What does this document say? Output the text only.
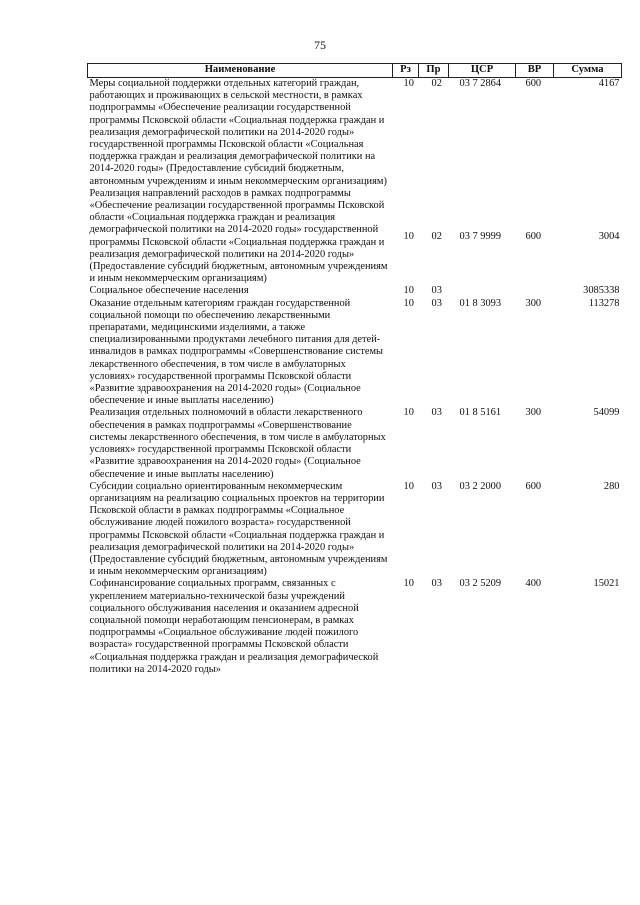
75
Наименование	Рз	Пр	ЦСР	ВР	Сумма
Меры социальной поддержки отдельных категорий граждан, работающих и проживающих в сельской местности, в рамках подпрограммы «Обеспечение реализации государственной программы Псковской области «Социальная поддержка граждан и реализация демографической политики на 2014-2020 годы» государственной программы Псковской области «Социальная поддержка граждан и реализация демографической политики на 2014-2020 годы» (Предоставление субсидий бюджетным, автономным учреждениям и иным некоммерческим организациям)	10	02	03 7 2864	600	4167
Реализация направлений расходов в рамках подпрограммы «Обеспечение реализации государственной программы Псковской области «Социальная поддержка граждан и реализация демографической политики на 2014-2020 годы» государственной программы Псковской области «Социальная поддержка граждан и реализация демографической политики на 2014-2020 годы» (Предоставление субсидий бюджетным, автономным учреждениям и иным некоммерческим организациям)	10	02	03 7 9999	600	3004
Социальное обеспечение населения	10	03			3085338
Оказание отдельным категориям граждан государственной социальной помощи по обеспечению лекарственными препаратами, медицинскими изделиями, а также специализированными продуктами лечебного питания для детей-инвалидов в рамках подпрограммы «Совершенствование системы лекарственного обеспечения, в том числе в амбулаторных условиях» государственной программы Псковской области «Развитие здравоохранения на 2014-2020 годы» (Социальное обеспечение и иные выплаты населению)	10	03	01 8 3093	300	113278
Реализация отдельных полномочий в области лекарственного обеспечения в рамках подпрограммы «Совершенствование системы лекарственного обеспечения, в том числе в амбулаторных условиях» государственной программы Псковской области «Развитие здравоохранения на 2014-2020 годы» (Социальное обеспечение и иные выплаты населению)	10	03	01 8 5161	300	54099
Субсидии социально ориентированным некоммерческим организациям на реализацию социальных проектов на территории Псковской области в рамках подпрограммы «Социальное обслуживание людей пожилого возраста» государственной программы Псковской области «Социальная поддержка граждан и реализация демографической политики на 2014-2020 годы» (Предоставление субсидий бюджетным, автономным учреждениям и иным некоммерческим организациям)	10	03	03 2 2000	600	280
Софинансирование социальных программ, связанных с укреплением материально-технической базы учреждений социального обслуживания населения и оказанием адресной социальной помощи неработающим пенсионерам, в рамках подпрограммы «Социальное обслуживание людей пожилого возраста» государственной программы Псковской области «Социальная поддержка граждан и реализация демографической политики на 2014-2020 годы»	10	03	03 2 5209	400	15021
